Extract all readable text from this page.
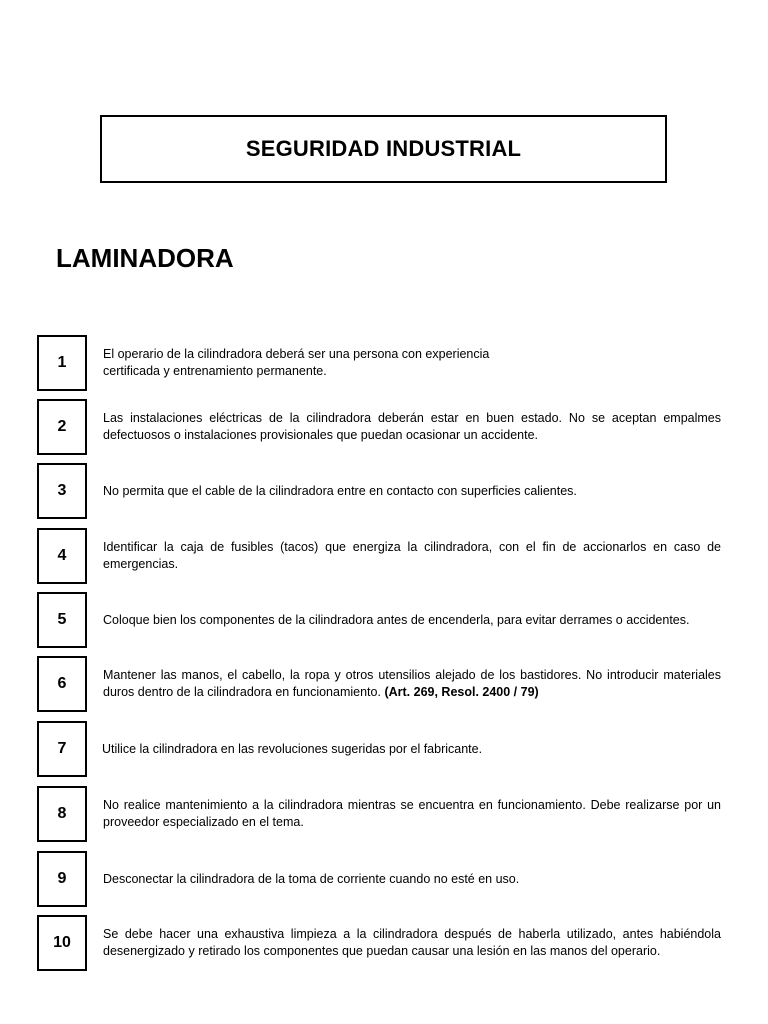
SEGURIDAD INDUSTRIAL
LAMINADORA
1	El operario de la cilindradora deberá ser una persona con experiencia certificada y entrenamiento permanente.

2	Las instalaciones eléctricas de la cilindradora deberán estar en buen estado. No se aceptan empalmes defectuosos o instalaciones provisionales que puedan ocasionar un accidente.

3	No permita que el cable de la cilindradora entre en contacto con superficies calientes.

4	Identificar la caja de fusibles (tacos) que energiza la cilindradora, con el fin de accionarlos en caso de emergencias.

5	Coloque bien los componentes de la cilindradora antes de encenderla, para evitar derrames o accidentes.

6	Mantener las manos, el cabello, la ropa y otros utensilios alejado de los bastidores. No introducir materiales duros dentro de la cilindradora en funcionamiento. (Art. 269, Resol. 2400 / 79)

7	Utilice la cilindradora en las revoluciones sugeridas por el fabricante.

8	No realice mantenimiento a la cilindradora mientras se encuentra en funcionamiento. Debe realizarse por un proveedor especializado en el tema.

9	Desconectar la cilindradora de la toma de corriente cuando no esté en uso.

10	Se debe hacer una exhaustiva limpieza a la cilindradora después de haberla utilizado, antes habiéndola desenergizado y retirado los componentes que puedan causar una lesión en las manos del operario.
